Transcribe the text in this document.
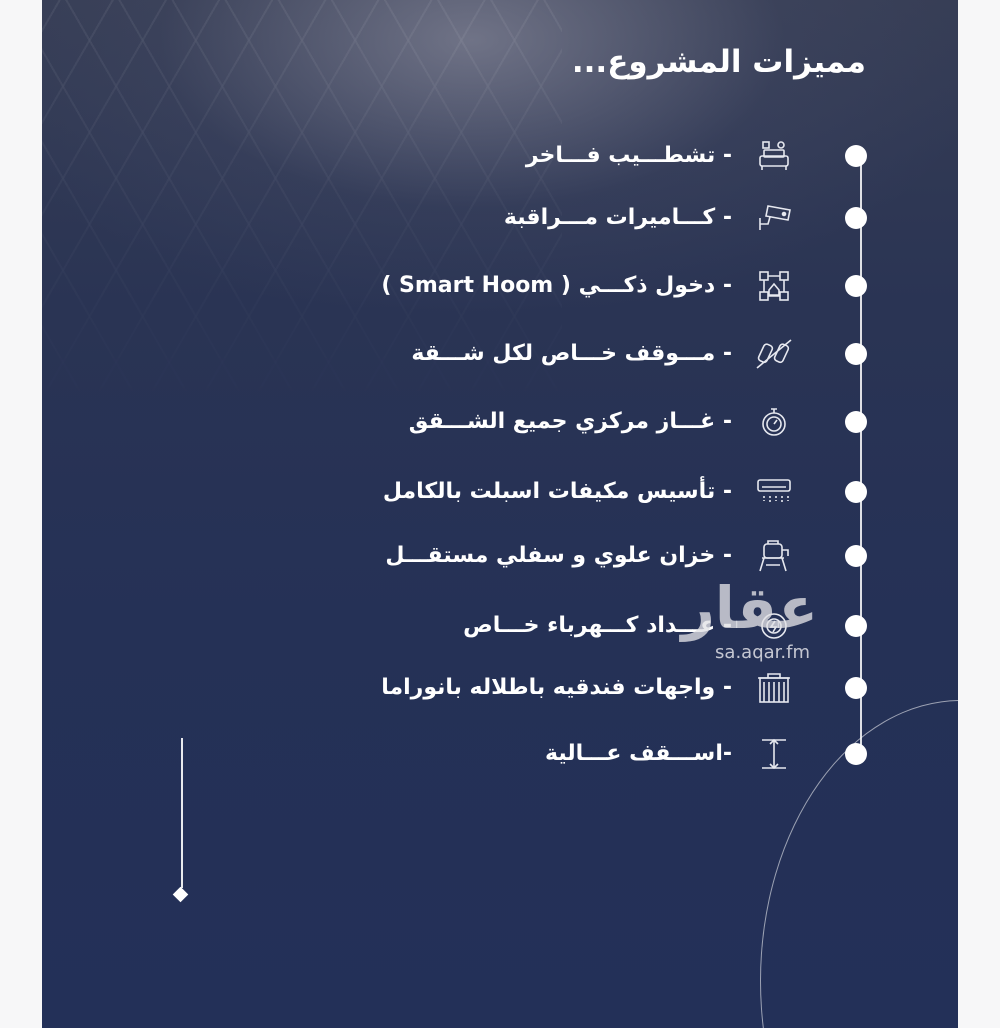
مميزات المشروع...
- تشطـــيب فـــاخر
- كـــاميرات مـــراقبة
- دخول ذكـــي ( Smart Hoom )
- مـــوقف خـــاص لكل شـــقة
- غـــاز مركزي جميع الشـــقق
- تأسيس مكيفات اسبلت بالكامل
- خزان علوي و سفلي مستقـــل
- عـــداد كـــهرباء خـــاص
- واجهات فندقيه باطلاله بانوراما
-اســـقف عـــالية
عقار
sa.aqar.fm
